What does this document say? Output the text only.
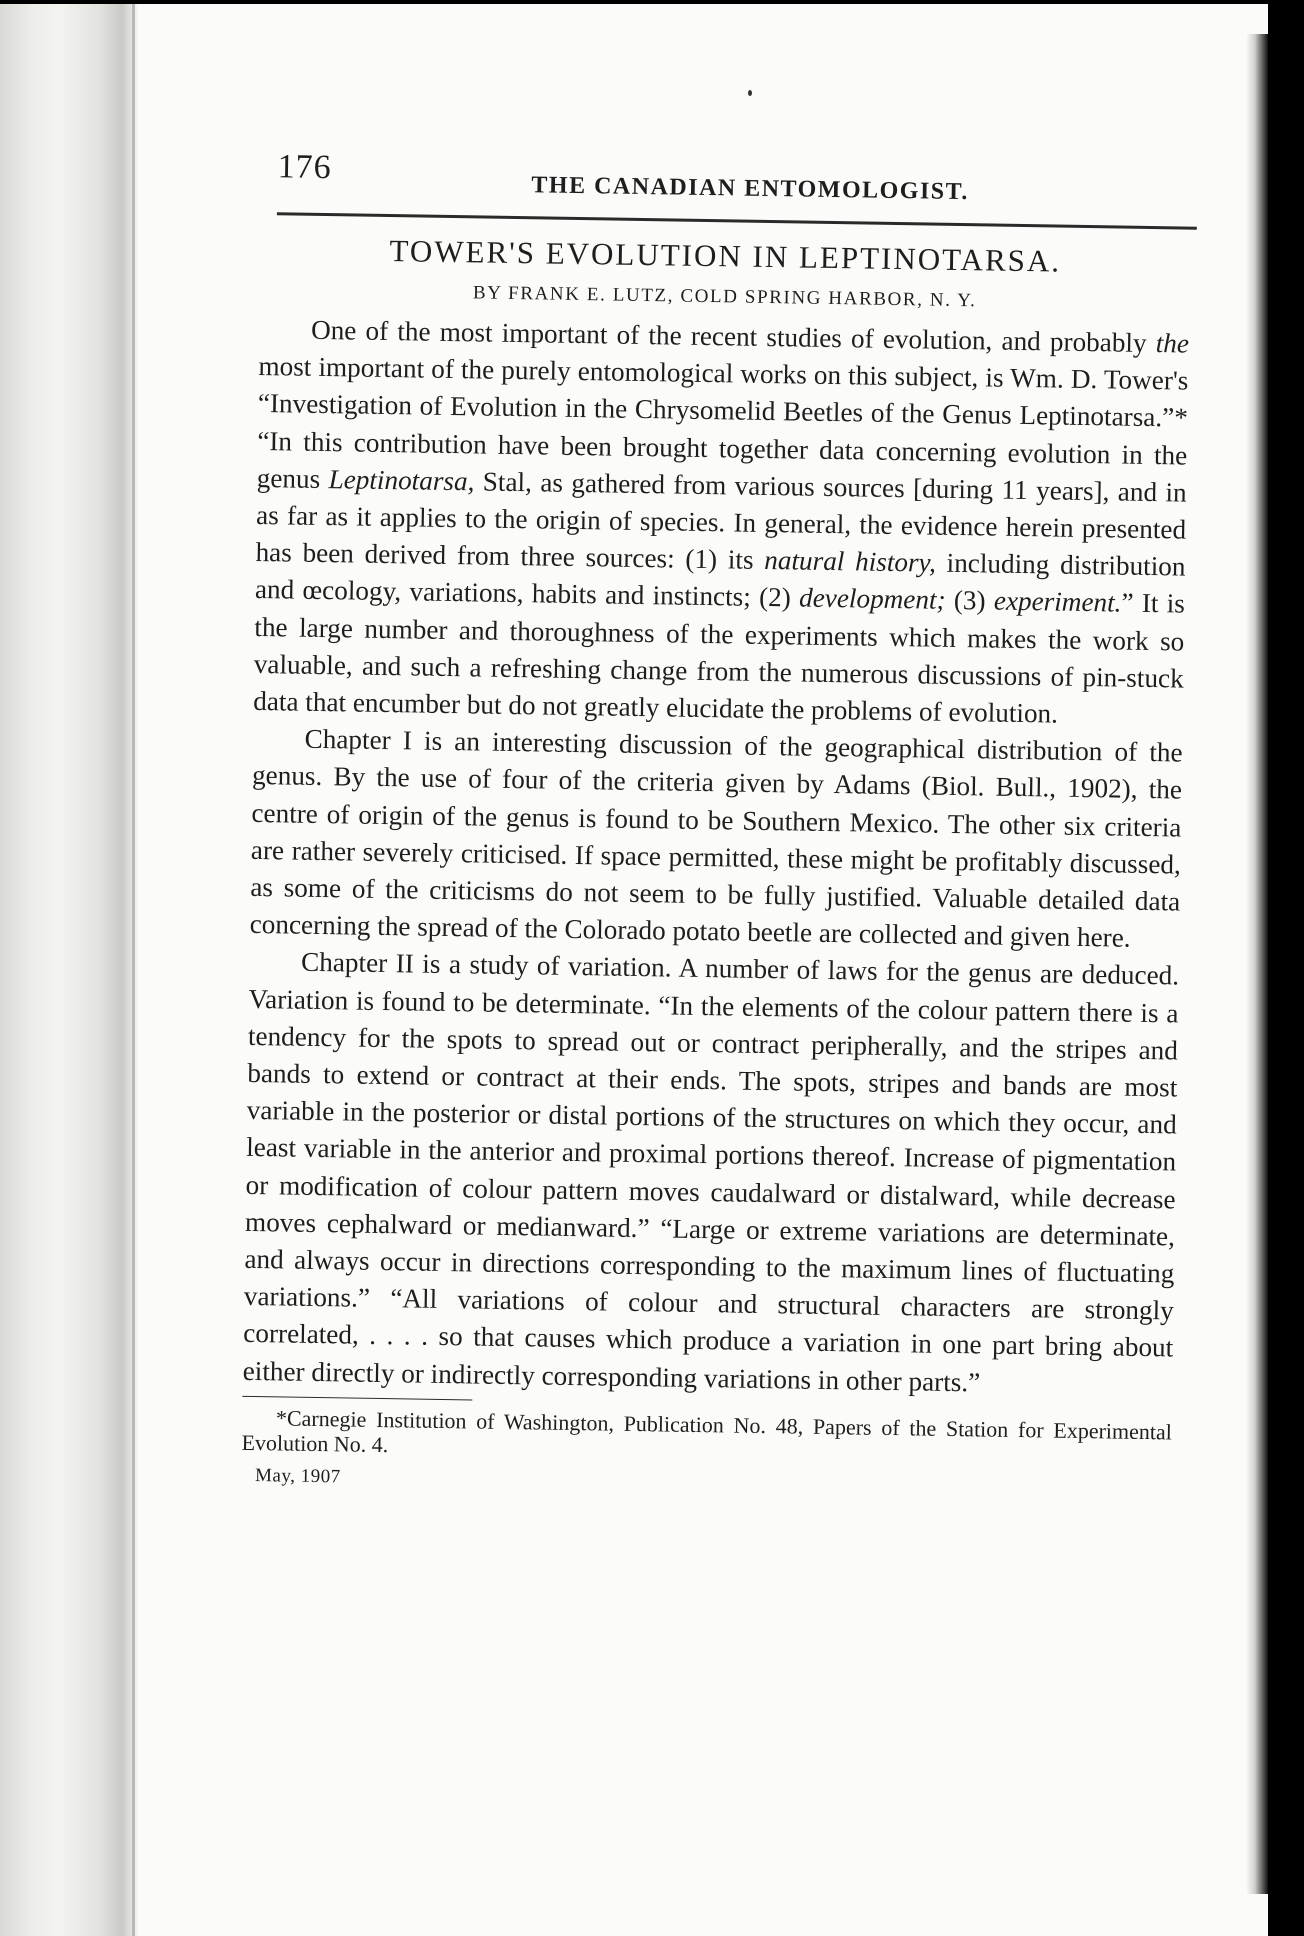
176
THE CANADIAN ENTOMOLOGIST.
TOWER'S EVOLUTION IN LEPTINOTARSA.
BY FRANK E. LUTZ, COLD SPRING HARBOR, N. Y.

One of the most important of the recent studies of evolution, and probably the most important of the purely entomological works on this subject, is Wm. D. Tower's “Investigation of Evolution in the Chrysomelid Beetles of the Genus Leptinotarsa.”* “In this contribution have been brought together data concerning evolution in the genus Leptinotarsa, Stal, as gathered from various sources [during 11 years], and in as far as it applies to the origin of species. In general, the evidence herein presented has been derived from three sources: (1) its natural history, including distribution and œcology, variations, habits and instincts; (2) development; (3) experiment.” It is the large number and thoroughness of the experiments which makes the work so valuable, and such a refreshing change from the numerous discussions of pin-stuck data that encumber but do not greatly elucidate the problems of evolution.

Chapter I is an interesting discussion of the geographical distribution of the genus. By the use of four of the criteria given by Adams (Biol. Bull., 1902), the centre of origin of the genus is found to be Southern Mexico. The other six criteria are rather severely criticised. If space permitted, these might be profitably discussed, as some of the criticisms do not seem to be fully justified. Valuable detailed data concerning the spread of the Colorado potato beetle are collected and given here.

Chapter II is a study of variation. A number of laws for the genus are deduced. Variation is found to be determinate. “In the elements of the colour pattern there is a tendency for the spots to spread out or contract peripherally, and the stripes and bands to extend or contract at their ends. The spots, stripes and bands are most variable in the posterior or distal portions of the structures on which they occur, and least variable in the anterior and proximal portions thereof. Increase of pigmentation or modification of colour pattern moves caudalward or distalward, while decrease moves cephalward or medianward.” “Large or extreme variations are determinate, and always occur in directions corresponding to the maximum lines of fluctuating variations.” “All variations of colour and structural characters are strongly correlated, . . . . so that causes which produce a variation in one part bring about either directly or indirectly corresponding variations in other parts.”

*Carnegie Institution of Washington, Publication No. 48, Papers of the Station for Experimental Evolution No. 4.

May, 1907
